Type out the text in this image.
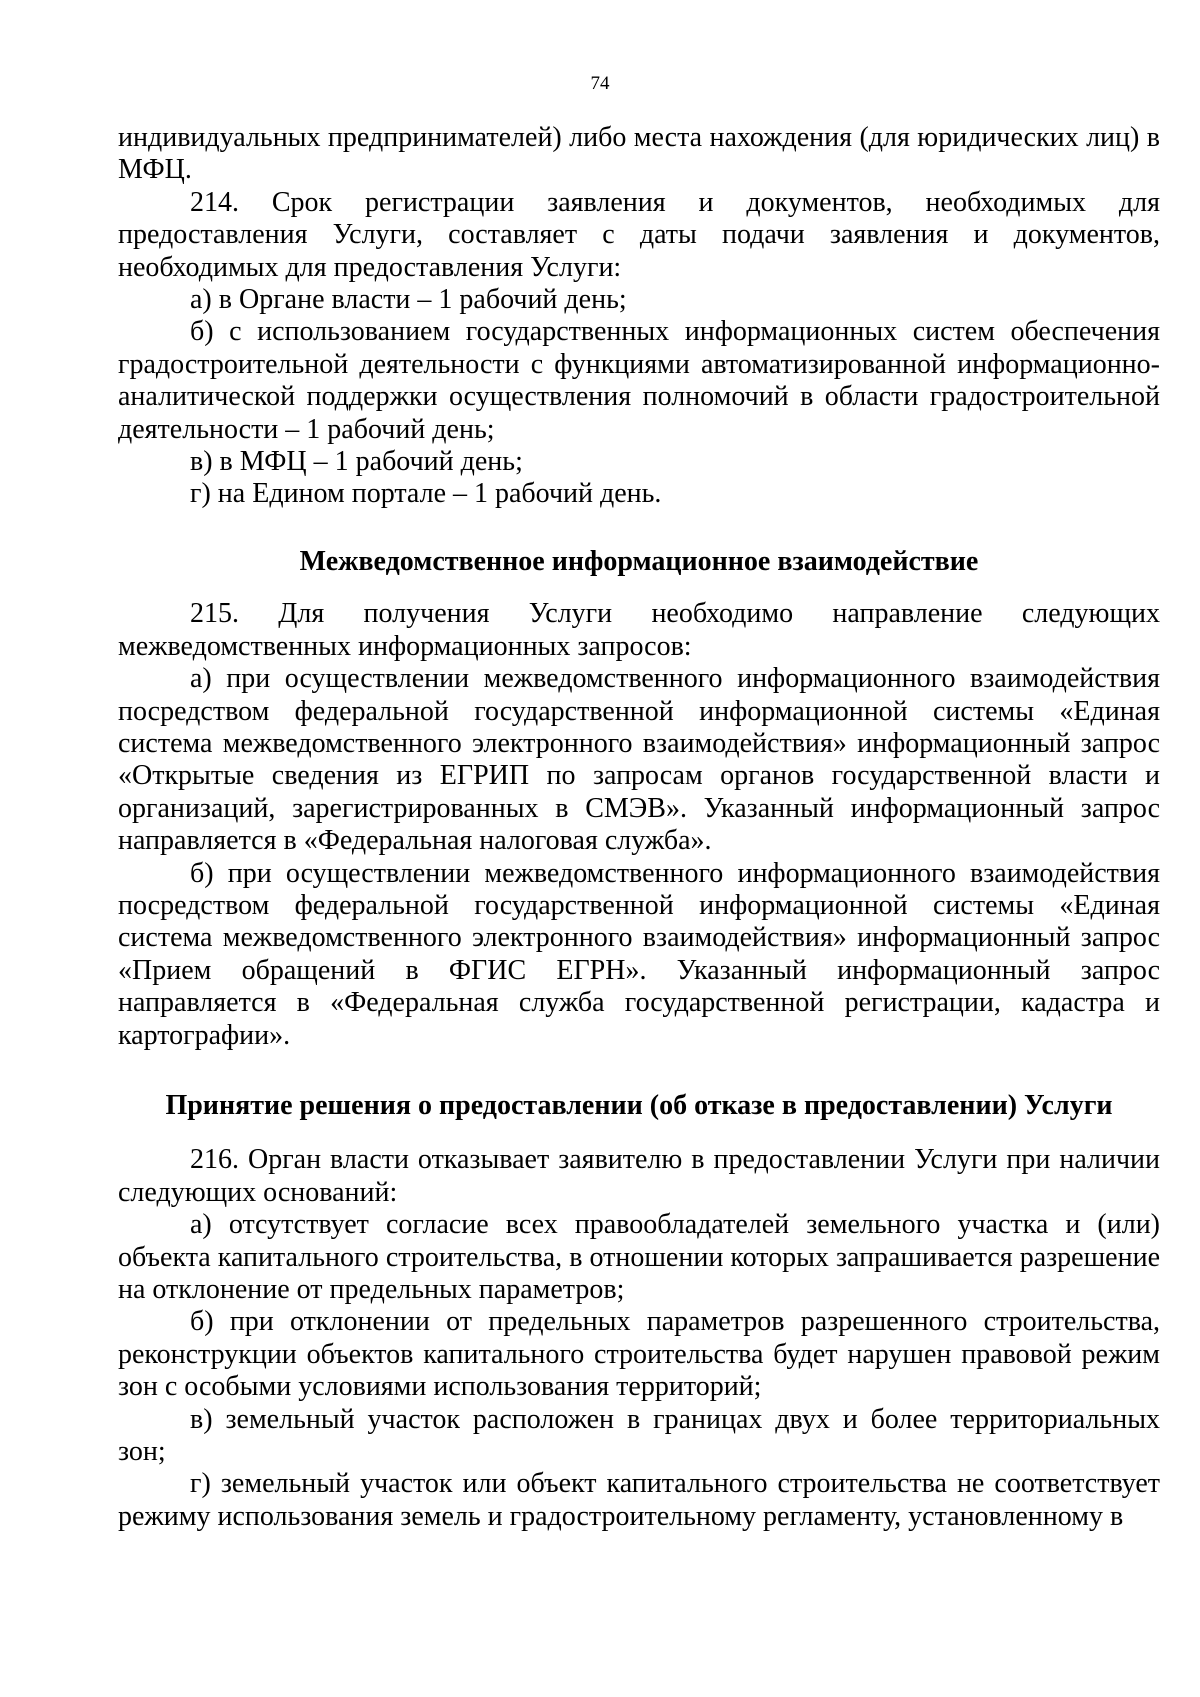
74

индивидуальных предпринимателей) либо места нахождения (для юридических лиц) в МФЦ.

214. Срок регистрации заявления и документов, необходимых для предоставления Услуги, составляет с даты подачи заявления и документов, необходимых для предоставления Услуги:

а) в Органе власти – 1 рабочий день;

б) с использованием государственных информационных систем обеспечения градостроительной деятельности с функциями автоматизированной информационно-аналитической поддержки осуществления полномочий в области градостроительной деятельности – 1 рабочий день;

в) в МФЦ – 1 рабочий день;

г) на Едином портале – 1 рабочий день.

Межведомственное информационное взаимодействие

215. Для получения Услуги необходимо направление следующих межведомственных информационных запросов:

а) при осуществлении межведомственного информационного взаимодействия посредством федеральной государственной информационной системы «Единая система межведомственного электронного взаимодействия» информационный запрос «Открытые сведения из ЕГРИП по запросам органов государственной власти и организаций, зарегистрированных в СМЭВ». Указанный информационный запрос направляется в «Федеральная налоговая служба».

б) при осуществлении межведомственного информационного взаимодействия посредством федеральной государственной информационной системы «Единая система межведомственного электронного взаимодействия» информационный запрос «Прием обращений в ФГИС ЕГРН». Указанный информационный запрос направляется в «Федеральная служба государственной регистрации, кадастра и картографии».

Принятие решения о предоставлении (об отказе в предоставлении) Услуги

216. Орган власти отказывает заявителю в предоставлении Услуги при наличии следующих оснований:

а) отсутствует согласие всех правообладателей земельного участка и (или) объекта капитального строительства, в отношении которых запрашивается разрешение на отклонение от предельных параметров;

б) при отклонении от предельных параметров разрешенного строительства, реконструкции объектов капитального строительства будет нарушен правовой режим зон с особыми условиями использования территорий;

в) земельный участок расположен в границах двух и более территориальных зон;

г) земельный участок или объект капитального строительства не соответствует режиму использования земель и градостроительному регламенту, установленному в
